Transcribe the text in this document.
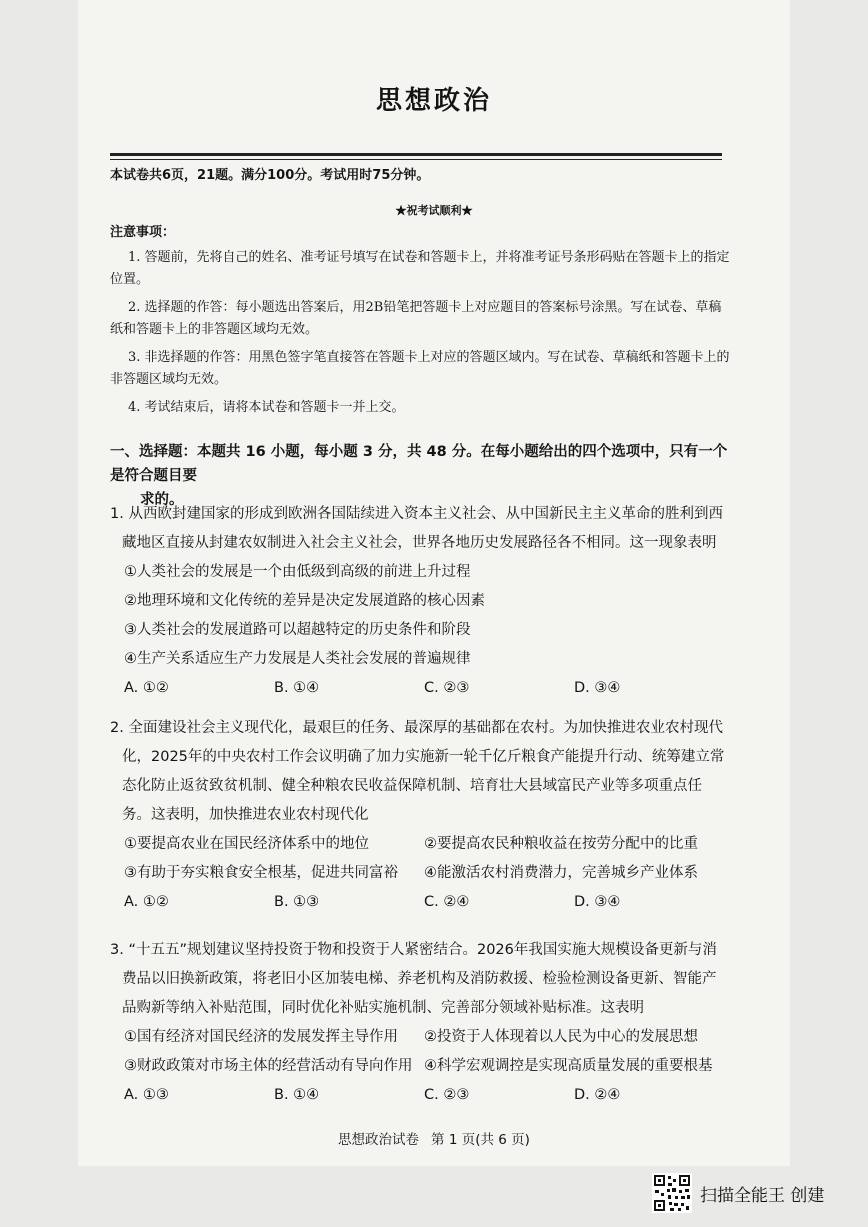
思想政治
本试卷共6页，21题。满分100分。考试用时75分钟。
★祝考试顺利★
注意事项：

1. 答题前，先将自己的姓名、准考证号填写在试卷和答题卡上，并将准考证号条形码贴在答题卡上的指定位置。

2. 选择题的作答：每小题选出答案后，用2B铅笔把答题卡上对应题目的答案标号涂黑。写在试卷、草稿纸和答题卡上的非答题区域均无效。

3. 非选择题的作答：用黑色签字笔直接答在答题卡上对应的答题区域内。写在试卷、草稿纸和答题卡上的非答题区域均无效。

4. 考试结束后，请将本试卷和答题卡一并上交。

一、选择题：本题共 16 小题，每小题 3 分，共 48 分。在每小题给出的四个选项中，只有一个是符合题目要
求的。
1. 从西欧封建国家的形成到欧洲各国陆续进入资本主义社会、从中国新民主主义革命的胜利到西藏地区直接从封建农奴制进入社会主义社会，世界各地历史发展路径各不相同。这一现象表明
①人类社会的发展是一个由低级到高级的前进上升过程
②地理环境和文化传统的差异是决定发展道路的核心因素
③人类社会的发展道路可以超越特定的历史条件和阶段
④生产关系适应生产力发展是人类社会发展的普遍规律
A. ①②	B. ①④	C. ②③	D. ③④
2. 全面建设社会主义现代化，最艰巨的任务、最深厚的基础都在农村。为加快推进农业农村现代化，2025年的中央农村工作会议明确了加力实施新一轮千亿斤粮食产能提升行动、统筹建立常态化防止返贫致贫机制、健全种粮农民收益保障机制、培育壮大县域富民产业等多项重点任务。这表明，加快推进农业农村现代化
①要提高农业在国民经济体系中的地位	②要提高农民种粮收益在按劳分配中的比重
③有助于夯实粮食安全根基，促进共同富裕	④能激活农村消费潜力，完善城乡产业体系
A. ①②	B. ①③	C. ②④	D. ③④
3. “十五五”规划建议坚持投资于物和投资于人紧密结合。2026年我国实施大规模设备更新与消费品以旧换新政策，将老旧小区加装电梯、养老机构及消防救援、检验检测设备更新、智能产品购新等纳入补贴范围，同时优化补贴实施机制、完善部分领域补贴标准。这表明
①国有经济对国民经济的发展发挥主导作用	②投资于人体现着以人民为中心的发展思想
③财政政策对市场主体的经营活动有导向作用 ④科学宏观调控是实现高质量发展的重要根基
A. ①③	B. ①④	C. ②③	D. ②④
思想政治试卷 第 1 页(共 6 页)
扫描全能王 创建
